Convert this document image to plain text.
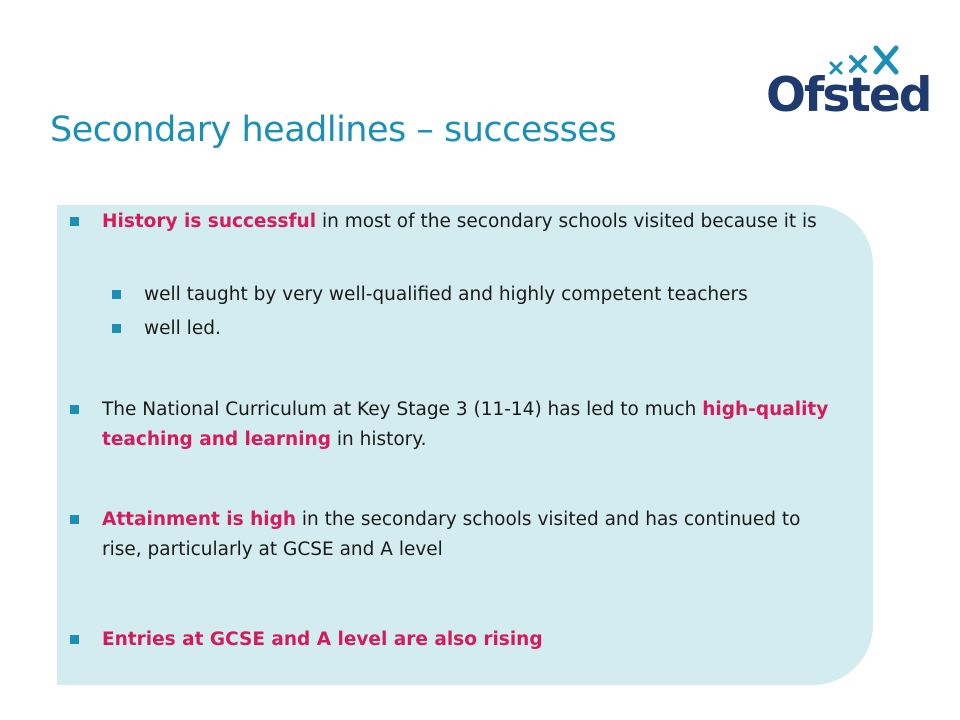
Ofsted
Secondary headlines – successes
History is successful in most of the secondary schools visited because it is
well taught by very well-qualified and highly competent teachers
well led.
The National Curriculum at Key Stage 3 (11-14) has led to much high-quality teaching and learning in history.
Attainment is high in the secondary schools visited and has continued to rise, particularly at GCSE and A level
Entries at GCSE and A level are also rising
